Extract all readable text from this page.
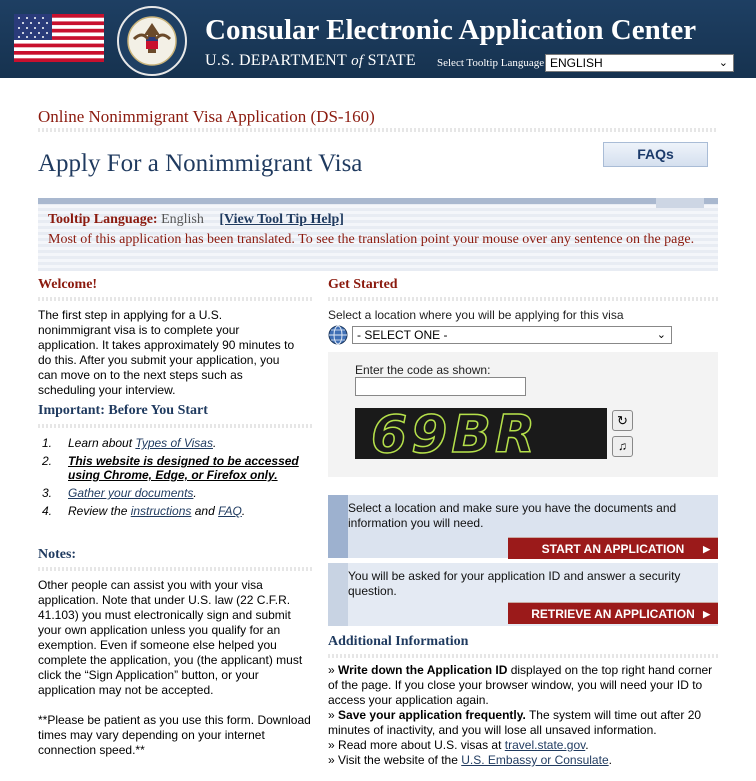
Consular Electronic Application Center
U.S. DEPARTMENT of STATE Select Tooltip Language ENGLISH	⌄
Online Nonimmigrant Visa Application (DS-160)
Apply For a Nonimmigrant Visa	FAQs
Tooltip Language: English [View Tool Tip Help]
Most of this application has been translated. To see the translation point your mouse over any sentence on the page.
Welcome!
The first step in applying for a U.S. nonimmigrant visa is to complete your application. It takes approximately 90 minutes to do this. After you submit your application, you can move on to the next steps such as scheduling your interview.
Important: Before You Start
1. Learn about Types of Visas.
2. This website is designed to be accessed using Chrome, Edge, or Firefox only.
3. Gather your documents.
4. Review the instructions and FAQ.
Notes:
Other people can assist you with your visa application. Note that under U.S. law (22 C.F.R. 41.103) you must electronically sign and submit your own application unless you qualify for an exemption. Even if someone else helped you complete the application, you (the applicant) must click the “Sign Application” button, or your application may not be accepted.
**Please be patient as you use this form. Download times may vary depending on your internet connection speed.**
Get Started
Select a location where you will be applying for this visa
- SELECT ONE -	⌄
Enter the code as shown:
69BR	↻
♫
Select a location and make sure you have the documents and information you will need.
START AN APPLICATION ▶
You will be asked for your application ID and answer a security question.
RETRIEVE AN APPLICATION ▶
Additional Information

» Write down the Application ID displayed on the top right hand corner of the page. If you close your browser window, you will need your ID to access your application again.

» Save your application frequently. The system will time out after 20 minutes of inactivity, and you will lose all unsaved information.

» Read more about U.S. visas at travel.state.gov.

» Visit the website of the U.S. Embassy or Consulate.
